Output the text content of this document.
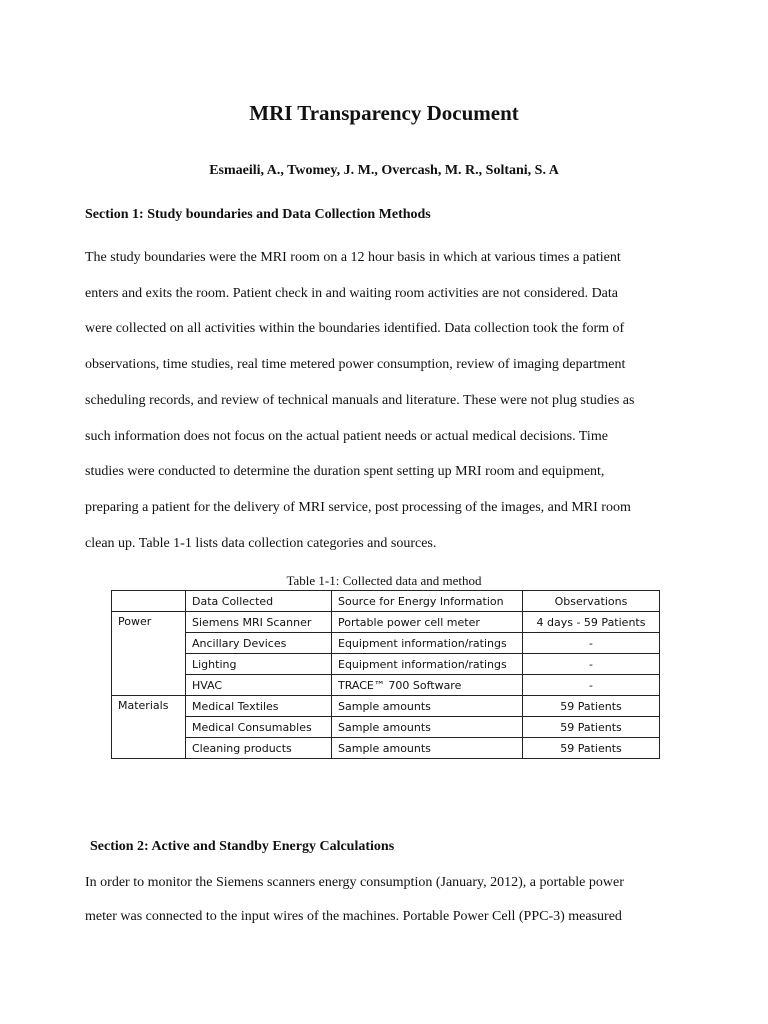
MRI Transparency Document
Esmaeili, A., Twomey, J. M., Overcash, M. R., Soltani, S. A
Section 1: Study boundaries and Data Collection Methods
The study boundaries were the MRI room on a 12 hour basis in which at various times a patient
enters and exits the room. Patient check in and waiting room activities are not considered. Data
were collected on all activities within the boundaries identified. Data collection took the form of
observations, time studies, real time metered power consumption, review of imaging department
scheduling records, and review of technical manuals and literature. These were not plug studies as
such information does not focus on the actual patient needs or actual medical decisions. Time
studies were conducted to determine the duration spent setting up MRI room and equipment,
preparing a patient for the delivery of MRI service, post processing of the images, and MRI room
clean up. Table 1-1 lists data collection categories and sources.
Table 1-1: Collected data and method
	Data Collected	Source for Energy Information	Observations
Power	Siemens MRI Scanner	Portable power cell meter	4 days - 59 Patients
	Ancillary Devices	Equipment information/ratings	-
	Lighting	Equipment information/ratings	-
	HVAC	TRACE™ 700 Software	-
Materials	Medical Textiles	Sample amounts	59 Patients
	Medical Consumables	Sample amounts	59 Patients
	Cleaning products	Sample amounts	59 Patients
Section 2: Active and Standby Energy Calculations
In order to monitor the Siemens scanners energy consumption (January, 2012), a portable power
meter was connected to the input wires of the machines. Portable Power Cell (PPC-3) measured
